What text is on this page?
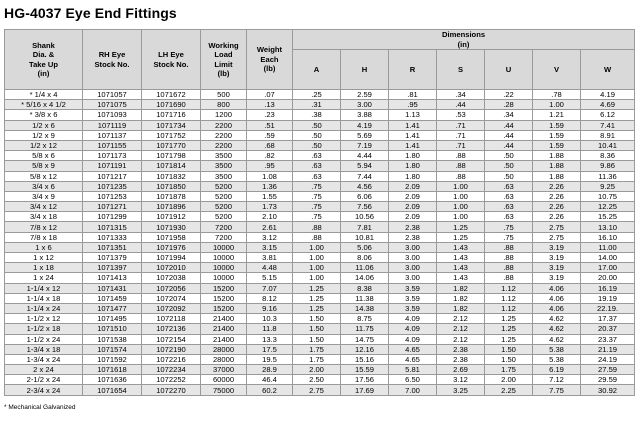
HG-4037 Eye End Fittings
Shank
Dia. &
Take Up
(in)	RH Eye
Stock No.	LH Eye
Stock No.	Working
Load
Limit
(lb)	Weight
Each
(lb)	Dimensions
(in)						
					A	H	R	S	U	V	W
* 1/4 x 4	1071057	1071672	500	.07	.25	2.59	.81	.34	.22	.78	4.19
* 5/16 x 4 1/2	1071075	1071690	800	.13	.31	3.00	.95	.44	.28	1.00	4.69
* 3/8 x 6	1071093	1071716	1200	.23	.38	3.88	1.13	.53	.34	1.21	6.12
1/2 x 6	1071119	1071734	2200	.51	.50	4.19	1.41	.71	.44	1.59	7.41
1/2 x 9	1071137	1071752	2200	.59	.50	5.69	1.41	.71	.44	1.59	8.91
1/2 x 12	1071155	1071770	2200	.68	.50	7.19	1.41	.71	.44	1.59	10.41
5/8 x 6	1071173	1071798	3500	.82	.63	4.44	1.80	.88	.50	1.88	8.36
5/8 x 9	1071191	1071814	3500	.95	.63	5.94	1.80	.88	.50	1.88	9.86
5/8 x 12	1071217	1071832	3500	1.08	.63	7.44	1.80	.88	.50	1.88	11.36
3/4 x 6	1071235	1071850	5200	1.36	.75	4.56	2.09	1.00	.63	2.26	9.25
3/4 x 9	1071253	1071878	5200	1.55	.75	6.06	2.09	1.00	.63	2.26	10.75
3/4 x 12	1071271	1071896	5200	1.73	.75	7.56	2.09	1.00	.63	2.26	12.25
3/4 x 18	1071299	1071912	5200	2.10	.75	10.56	2.09	1.00	.63	2.26	15.25
7/8 x 12	1071315	1071930	7200	2.61	.88	7.81	2.38	1.25	.75	2.75	13.10
7/8 x 18	1071333	1071958	7200	3.12	.88	10.81	2.38	1.25	.75	2.75	16.10
1 x 6	1071351	1071976	10000	3.15	1.00	5.06	3.00	1.43	.88	3.19	11.00
1 x 12	1071379	1071994	10000	3.81	1.00	8.06	3.00	1.43	.88	3.19	14.00
1 x 18	1071397	1072010	10000	4.48	1.00	11.06	3.00	1.43	.88	3.19	17.00
1 x 24	1071413	1072038	10000	5.15	1.00	14.06	3.00	1.43	.88	3.19	20.00
1-1/4 x 12	1071431	1072056	15200	7.07	1.25	8.38	3.59	1.82	1.12	4.06	16.19
1-1/4 x 18	1071459	1072074	15200	8.12	1.25	11.38	3.59	1.82	1.12	4.06	19.19
1-1/4 x 24	1071477	1072092	15200	9.16	1.25	14.38	3.59	1.82	1.12	4.06	22.19.
1-1/2 x 12	1071495	1072118	21400	10.3	1.50	8.75	4.09	2.12	1.25	4.62	17.37
1-1/2 x 18	1071510	1072136	21400	11.8	1.50	11.75	4.09	2.12	1.25	4.62	20.37
1-1/2 x 24	1071538	1072154	21400	13.3	1.50	14.75	4.09	2.12	1.25	4.62	23.37
1-3/4 x 18	1071574	1072190	28000	17.5	1.75	12.16	4.65	2.38	1.50	5.38	21.19
1-3/4 x 24	1071592	1072216	28000	19.5	1.75	15.16	4.65	2.38	1.50	5.38	24.19
2 x 24	1071618	1072234	37000	28.9	2.00	15.59	5.81	2.69	1.75	6.19	27.59
2-1/2 x 24	1071636	1072252	60000	46.4	2.50	17.56	6.50	3.12	2.00	7.12	29.59
2-3/4 x 24	1071654	1072270	75000	60.2	2.75	17.69	7.00	3.25	2.25	7.75	30.92
* Mechanical Galvanized
